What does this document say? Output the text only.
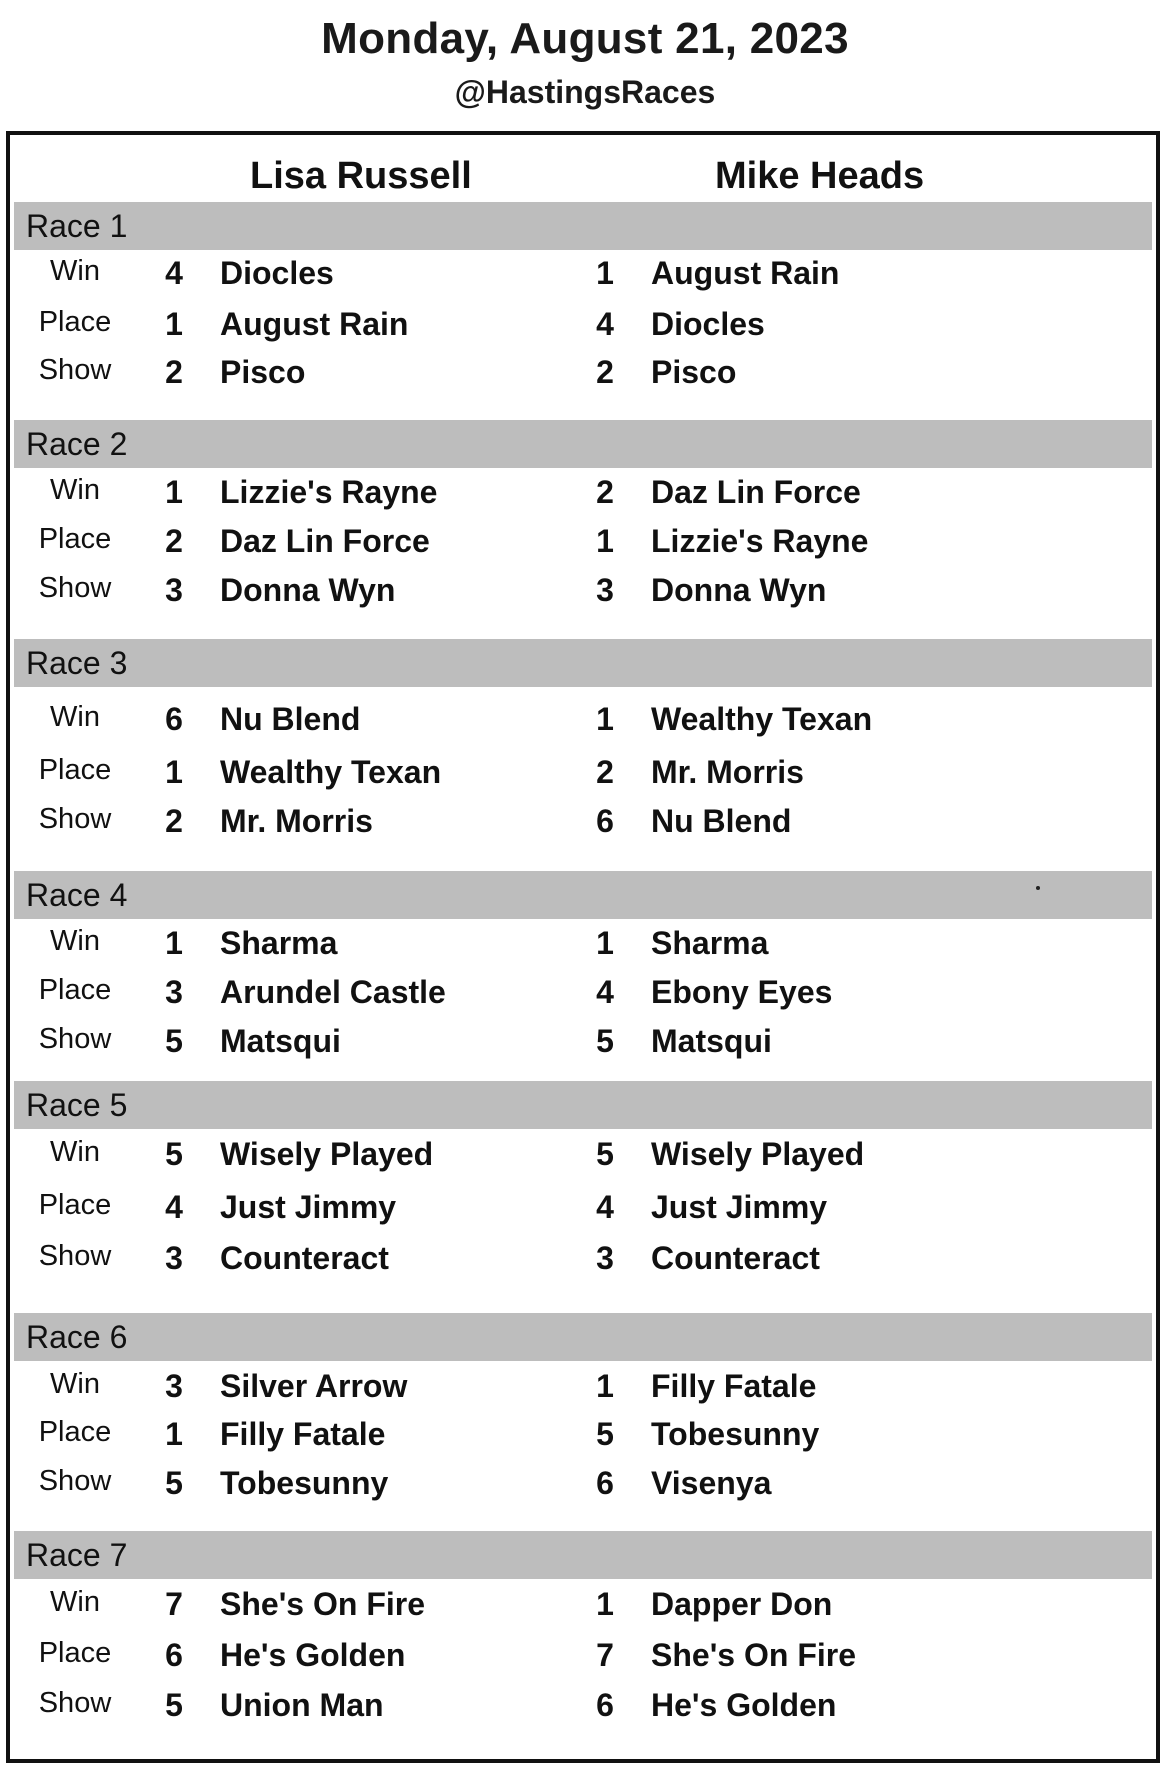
Monday, August 21, 2023
@HastingsRaces
Lisa Russell	Mike Heads
Race 1
Win	4	Diocles	1	August Rain
Place	1	August Rain	4	Diocles
Show	2	Pisco	2	Pisco
Race 2
Win	1	Lizzie's Rayne	2	Daz Lin Force
Place	2	Daz Lin Force	1	Lizzie's Rayne
Show	3	Donna Wyn	3	Donna Wyn
Race 3
Win	6	Nu Blend	1	Wealthy Texan
Place	1	Wealthy Texan	2	Mr. Morris
Show	2	Mr. Morris	6	Nu Blend
Race 4
Win	1	Sharma	1	Sharma
Place	3	Arundel Castle	4	Ebony Eyes
Show	5	Matsqui	5	Matsqui
Race 5
Win	5	Wisely Played	5	Wisely Played
Place	4	Just Jimmy	4	Just Jimmy
Show	3	Counteract	3	Counteract
Race 6
Win	3	Silver Arrow	1	Filly Fatale
Place	1	Filly Fatale	5	Tobesunny
Show	5	Tobesunny	6	Visenya
Race 7
Win	7	She's On Fire	1	Dapper Don
Place	6	He's Golden	7	She's On Fire
Show	5	Union Man	6	He's Golden
